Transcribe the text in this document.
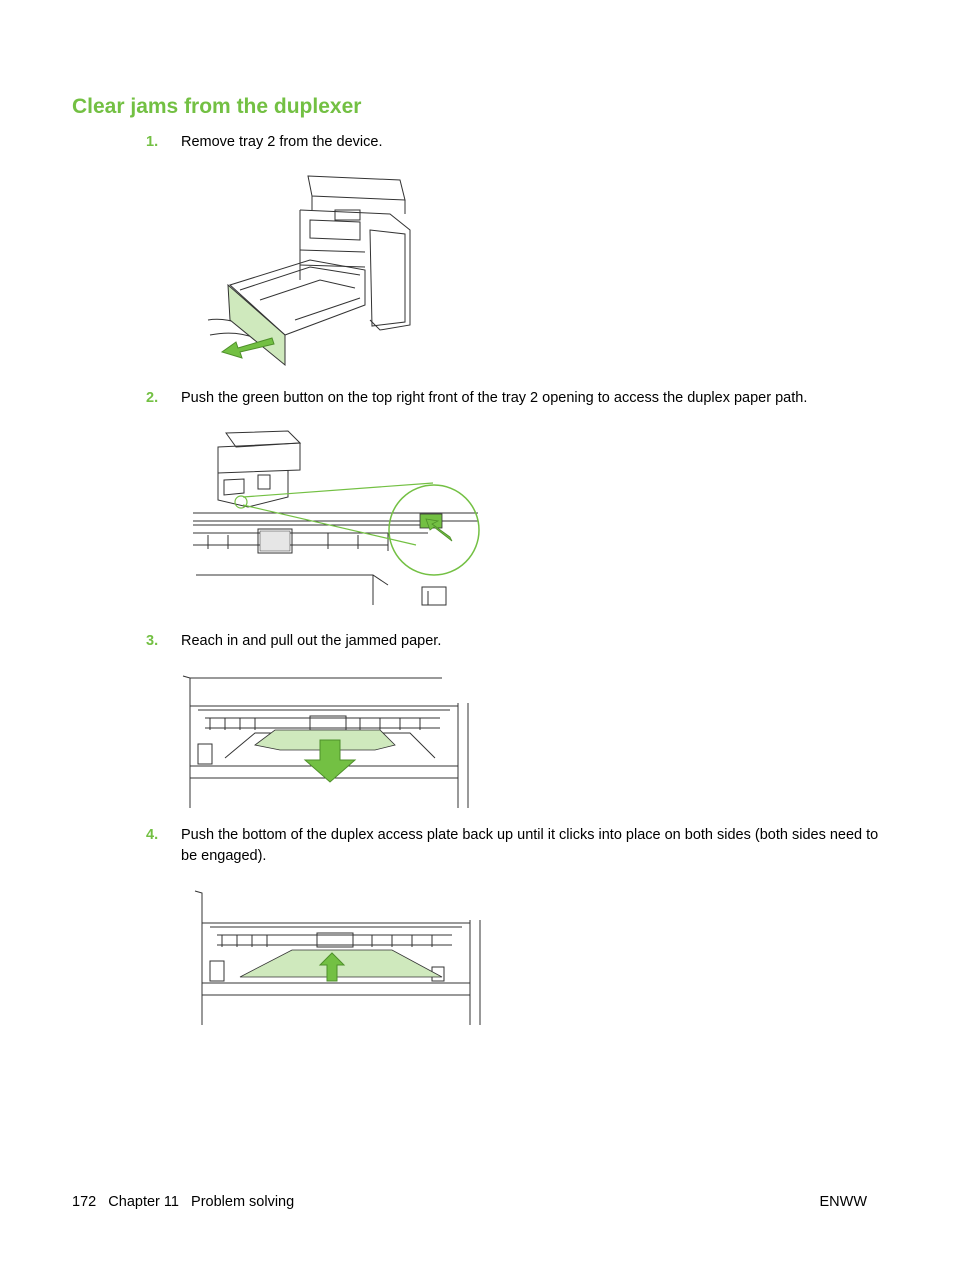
Clear jams from the duplexer
1. Remove tray 2 from the device.
2. Push the green button on the top right front of the tray 2 opening to access the duplex paper path.
3. Reach in and pull out the jammed paper.
4. Push the bottom of the duplex access plate back up until it clicks into place on both sides (both sides need to be engaged).
172   Chapter 11   Problem solving	ENWW
